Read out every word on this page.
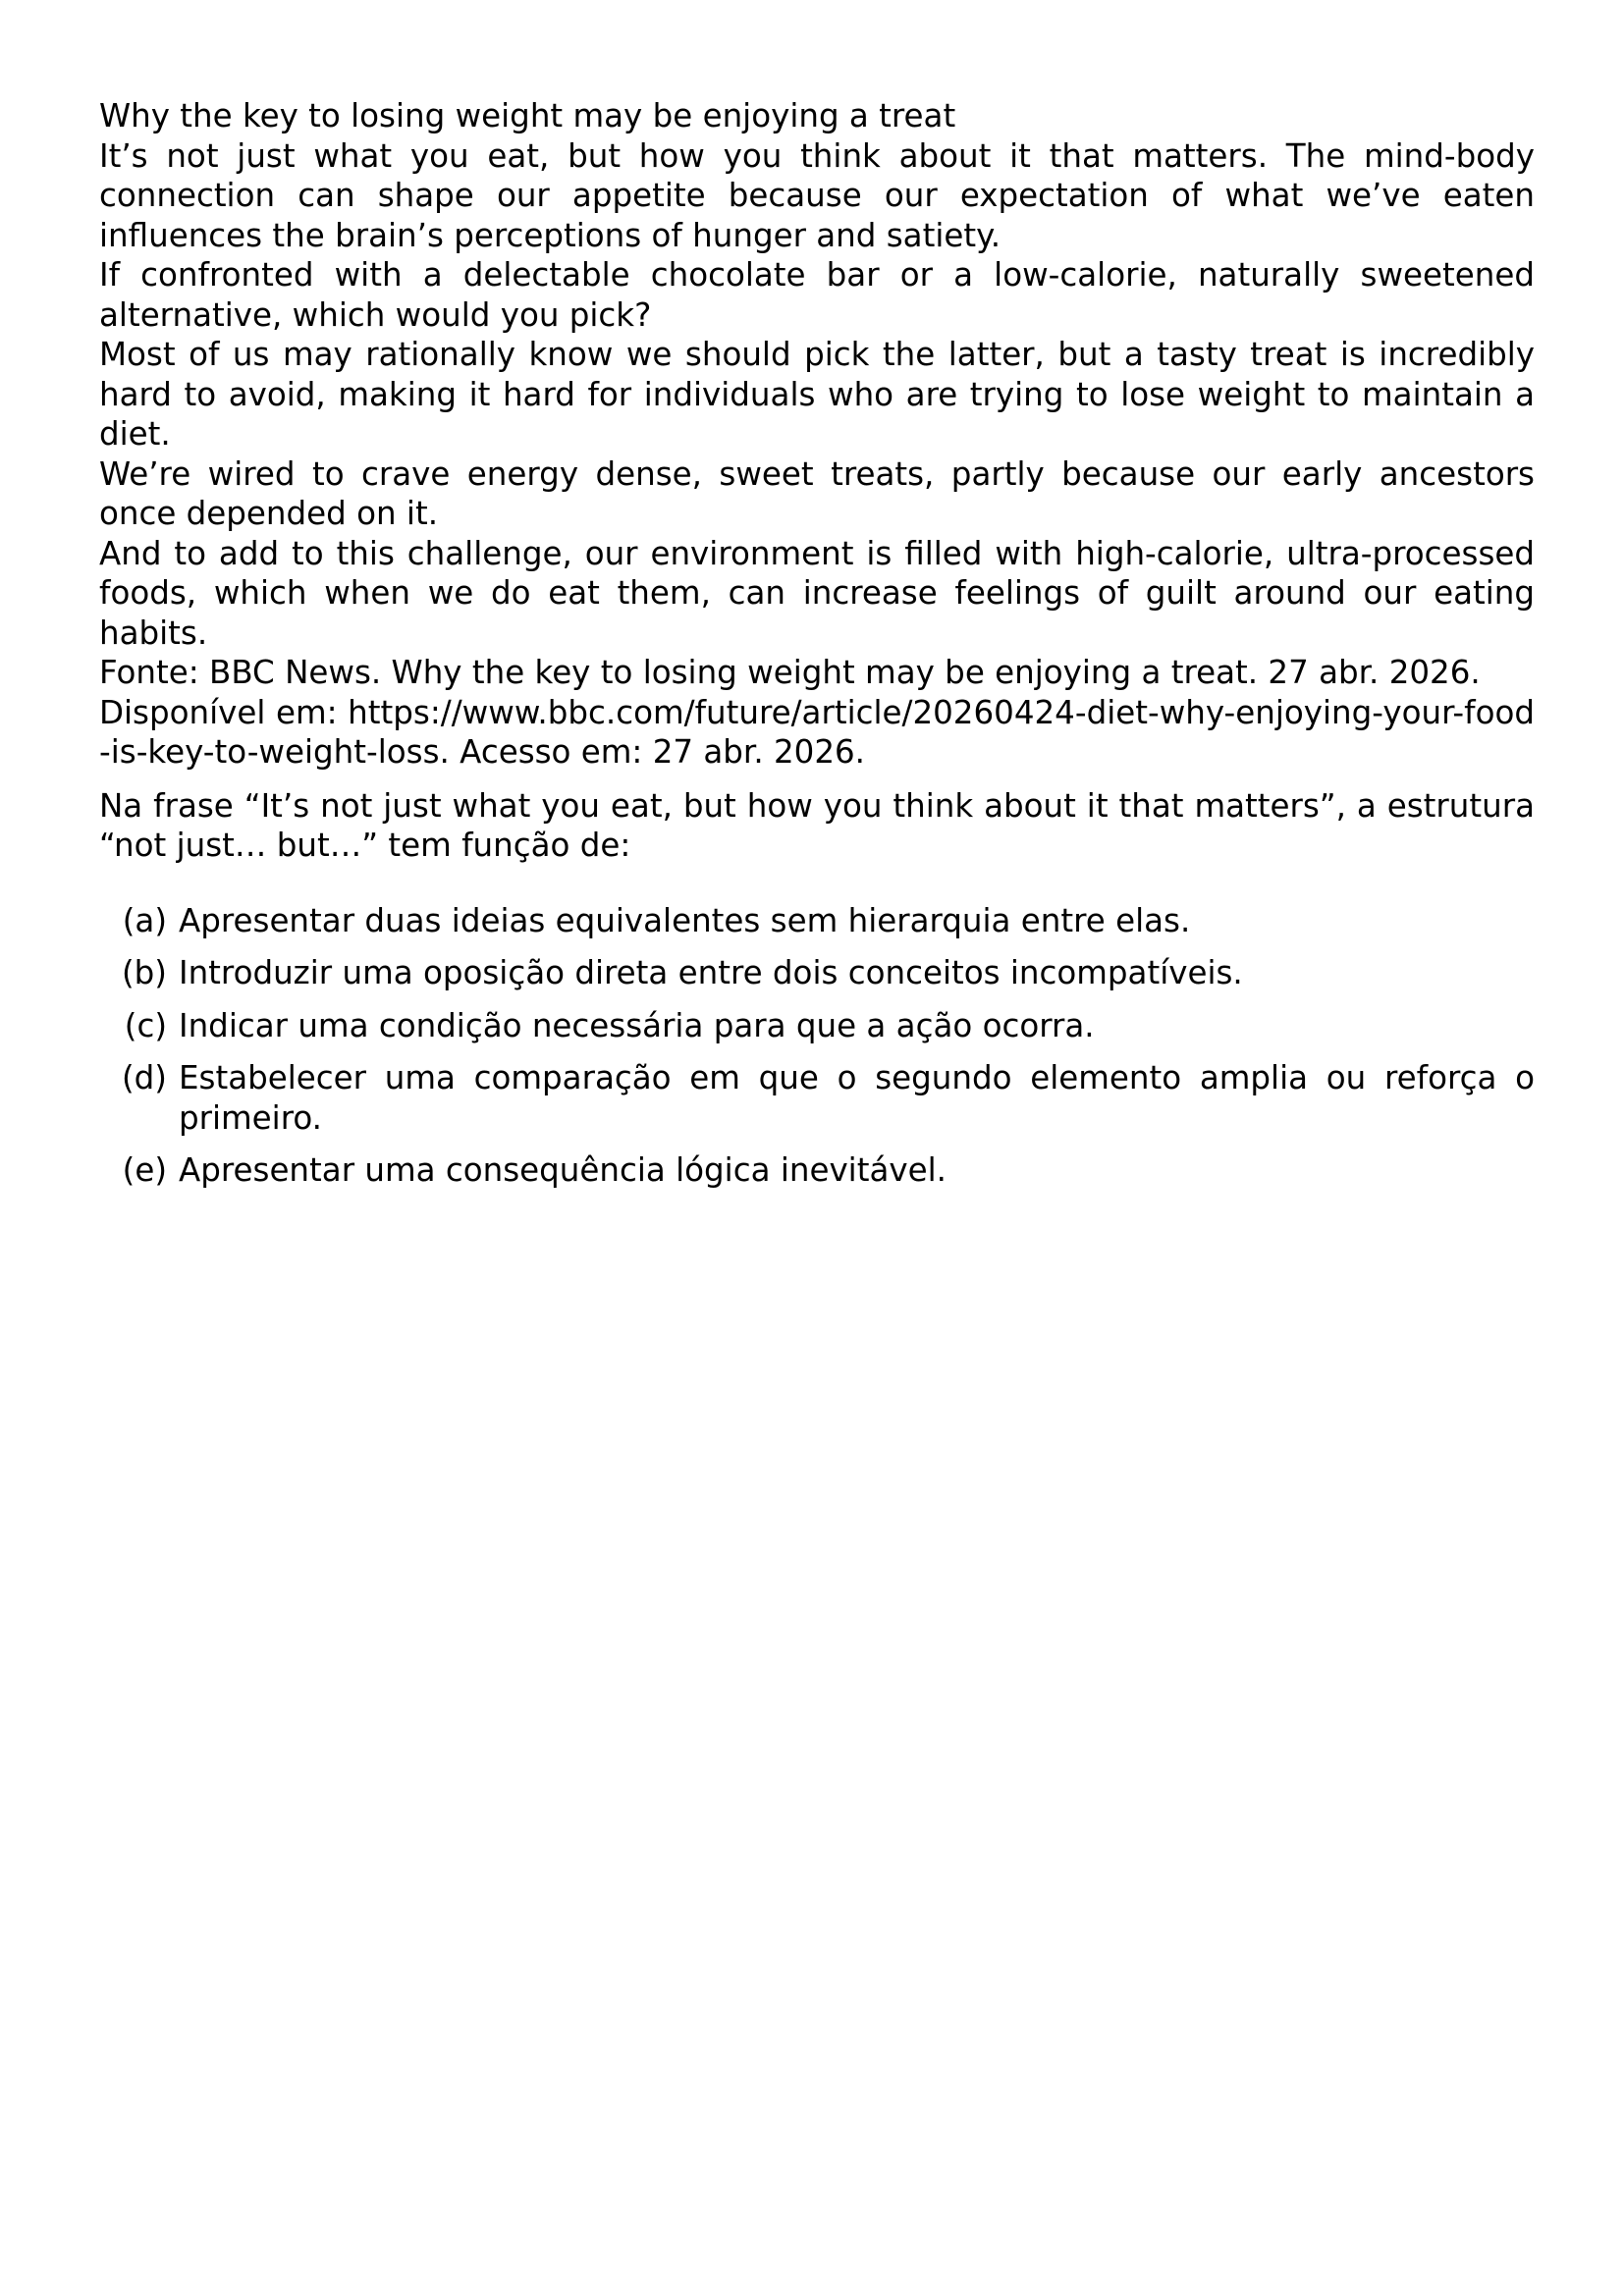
Why the key to losing weight may be enjoying a treat

It’s not just what you eat, but how you think about it that matters. The mind-body connection can shape our appetite because our expectation of what we’ve eaten influences the brain’s perceptions of hunger and satiety.

If confronted with a delectable chocolate bar or a low-calorie, naturally sweetened alternative, which would you pick?

Most of us may rationally know we should pick the latter, but a tasty treat is incredibly hard to avoid, making it hard for individuals who are trying to lose weight to maintain a diet.

We’re wired to crave energy dense, sweet treats, partly because our early ancestors once depended on it.

And to add to this challenge, our environment is filled with high-calorie, ultra-processed foods, which when we do eat them, can increase feelings of guilt around our eating habits.

Fonte: BBC News. Why the key to losing weight may be enjoying a treat. 27 abr. 2026.

Disponível em: https://www.bbc.com/future/article/20260424-diet-why-enjoying-your-food-is-key-to-weight-loss. Acesso em: 27 abr. 2026.

Na frase “It’s not just what you eat, but how you think about it that matters”, a estrutura “not just… but…” tem função de:

(a) Apresentar duas ideias equivalentes sem hierarquia entre elas.
(b) Introduzir uma oposição direta entre dois conceitos incompatíveis.
(c) Indicar uma condição necessária para que a ação ocorra.
(d) Estabelecer uma comparação em que o segundo elemento amplia ou reforça o primeiro.
(e) Apresentar uma consequência lógica inevitável.
